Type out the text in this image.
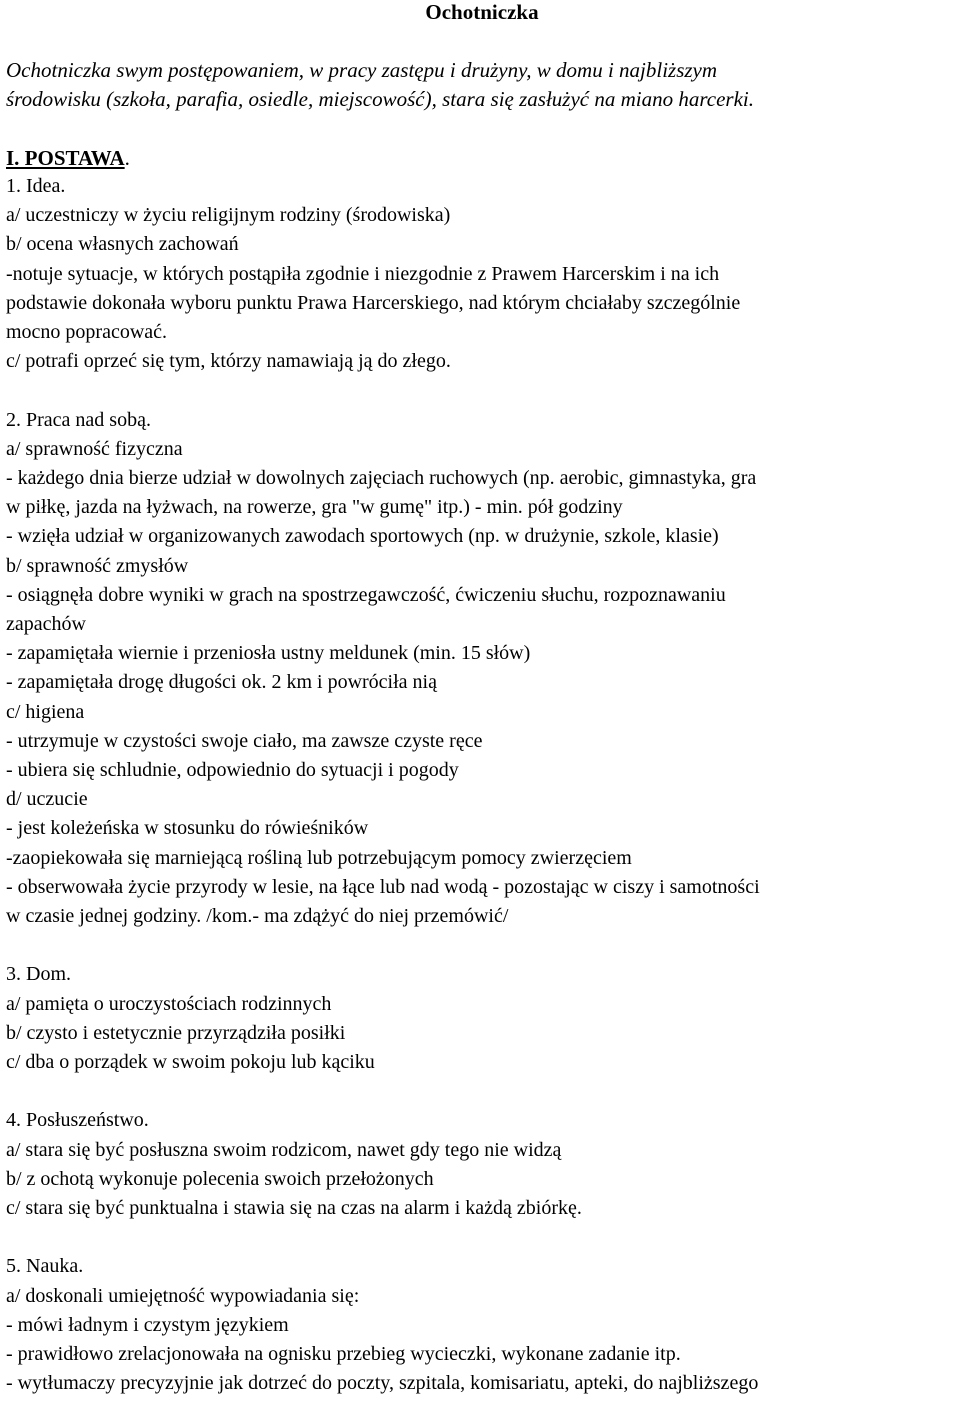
Ochotniczka
Ochotniczka swym postępowaniem, w pracy zastępu i drużyny, w domu i najbliższym
środowisku (szkoła, parafia, osiedle, miejscowość), stara się zasłużyć na miano harcerki.
I. POSTAWA.
1. Idea.
a/ uczestniczy w życiu religijnym rodziny (środowiska)
b/ ocena własnych zachowań
-notuje sytuacje, w których postąpiła zgodnie i niezgodnie z Prawem Harcerskim i na ich
podstawie dokonała wyboru punktu Prawa Harcerskiego, nad którym chciałaby szczególnie
mocno popracować.
c/ potrafi oprzeć się tym, którzy namawiają ją do złego.
2. Praca nad sobą.
a/ sprawność fizyczna
- każdego dnia bierze udział w dowolnych zajęciach ruchowych (np. aerobic, gimnastyka, gra
w piłkę, jazda na łyżwach, na rowerze, gra "w gumę" itp.) - min. pół godziny
- wzięła udział w organizowanych zawodach sportowych (np. w drużynie, szkole, klasie)
b/ sprawność zmysłów
- osiągnęła dobre wyniki w grach na spostrzegawczość, ćwiczeniu słuchu, rozpoznawaniu
zapachów
- zapamiętała wiernie i przeniosła ustny meldunek (min. 15 słów)
- zapamiętała drogę długości ok. 2 km i powróciła nią
c/ higiena
- utrzymuje w czystości swoje ciało, ma zawsze czyste ręce
- ubiera się schludnie, odpowiednio do sytuacji i pogody
d/ uczucie
- jest koleżeńska w stosunku do rówieśników
-zaopiekowała się marniejącą rośliną lub potrzebującym pomocy zwierzęciem
- obserwowała życie przyrody w lesie, na łące lub nad wodą - pozostając w ciszy i samotności
w czasie jednej godziny. /kom.- ma zdążyć do niej przemówić/
3. Dom.
a/ pamięta o uroczystościach rodzinnych
b/ czysto i estetycznie przyrządziła posiłki
c/ dba o porządek w swoim pokoju lub kąciku
4. Posłuszeństwo.
a/ stara się być posłuszna swoim rodzicom, nawet gdy tego nie widzą
b/ z ochotą wykonuje polecenia swoich przełożonych
c/ stara się być punktualna i stawia się na czas na alarm i każdą zbiórkę.
5. Nauka.
a/ doskonali umiejętność wypowiadania się:
- mówi ładnym i czystym językiem
- prawidłowo zrelacjonowała na ognisku przebieg wycieczki, wykonane zadanie itp.
- wytłumaczy precyzyjnie jak dotrzeć do poczty, szpitala, komisariatu, apteki, do najbliższego
